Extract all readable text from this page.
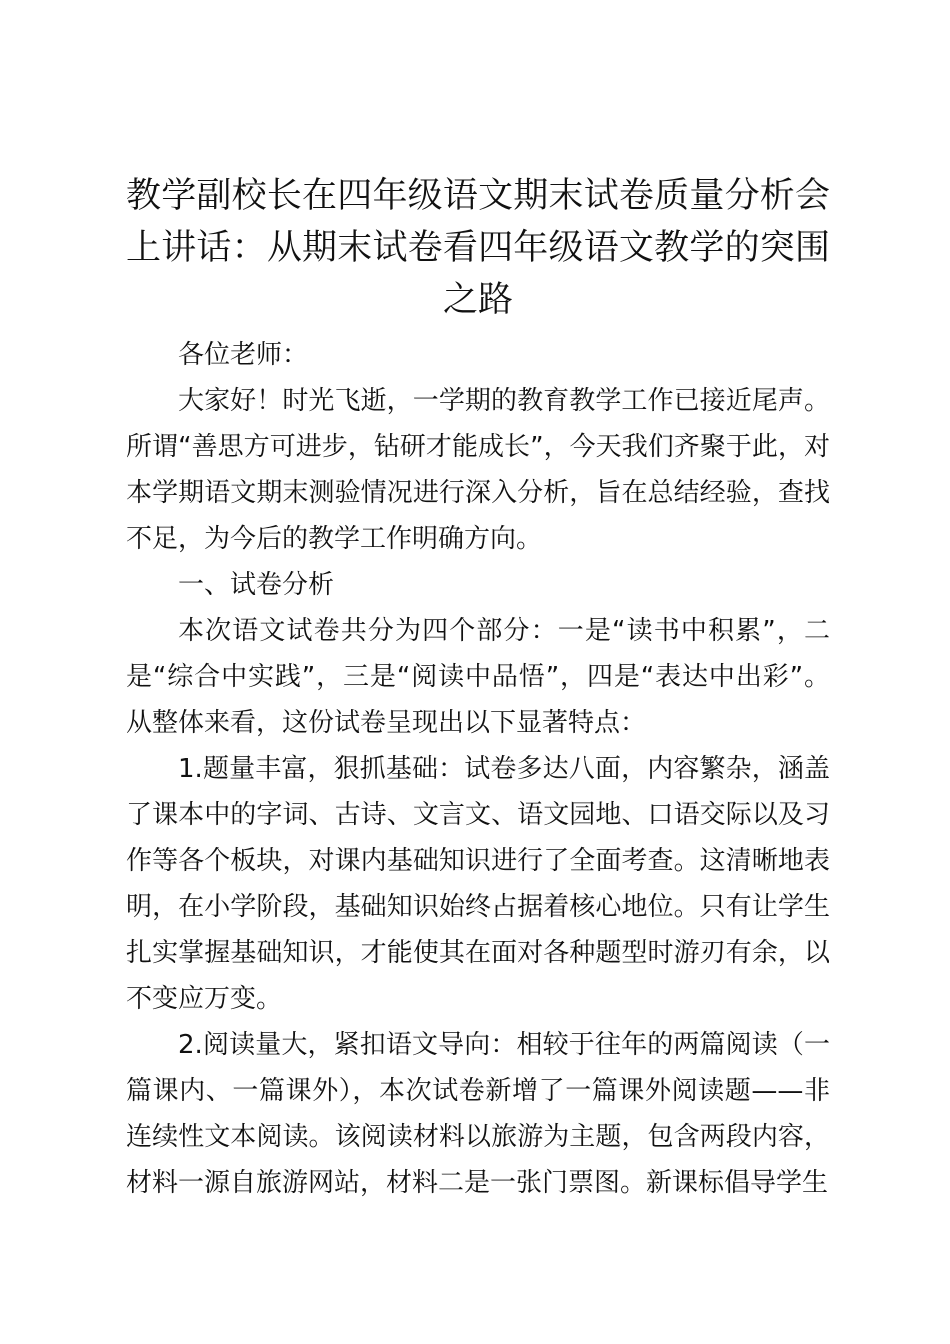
教学副校长在四年级语文期末试卷质量分析会上讲话：从期末试卷看四年级语文教学的突围之路

各位老师：

大家好！时光飞逝，一学期的教育教学工作已接近尾声。所谓“善思方可进步，钻研才能成长”，今天我们齐聚于此，对本学期语文期末测验情况进行深入分析，旨在总结经验，查找不足，为今后的教学工作明确方向。

一、试卷分析

本次语文试卷共分为四个部分：一是“读书中积累”，二是“综合中实践”，三是“阅读中品悟”，四是“表达中出彩”。从整体来看，这份试卷呈现出以下显著特点：

1.题量丰富，狠抓基础：试卷多达八面，内容繁杂，涵盖了课本中的字词、古诗、文言文、语文园地、口语交际以及习作等各个板块，对课内基础知识进行了全面考查。这清晰地表明，在小学阶段，基础知识始终占据着核心地位。只有让学生扎实掌握基础知识，才能使其在面对各种题型时游刃有余，以不变应万变。

2.阅读量大，紧扣语文导向：相较于往年的两篇阅读（一篇课内、一篇课外），本次试卷新增了一篇课外阅读题——非连续性文本阅读。该阅读材料以旅游为主题，包含两段内容，材料一源自旅游网站，材料二是一张门票图。新课标倡导学生
